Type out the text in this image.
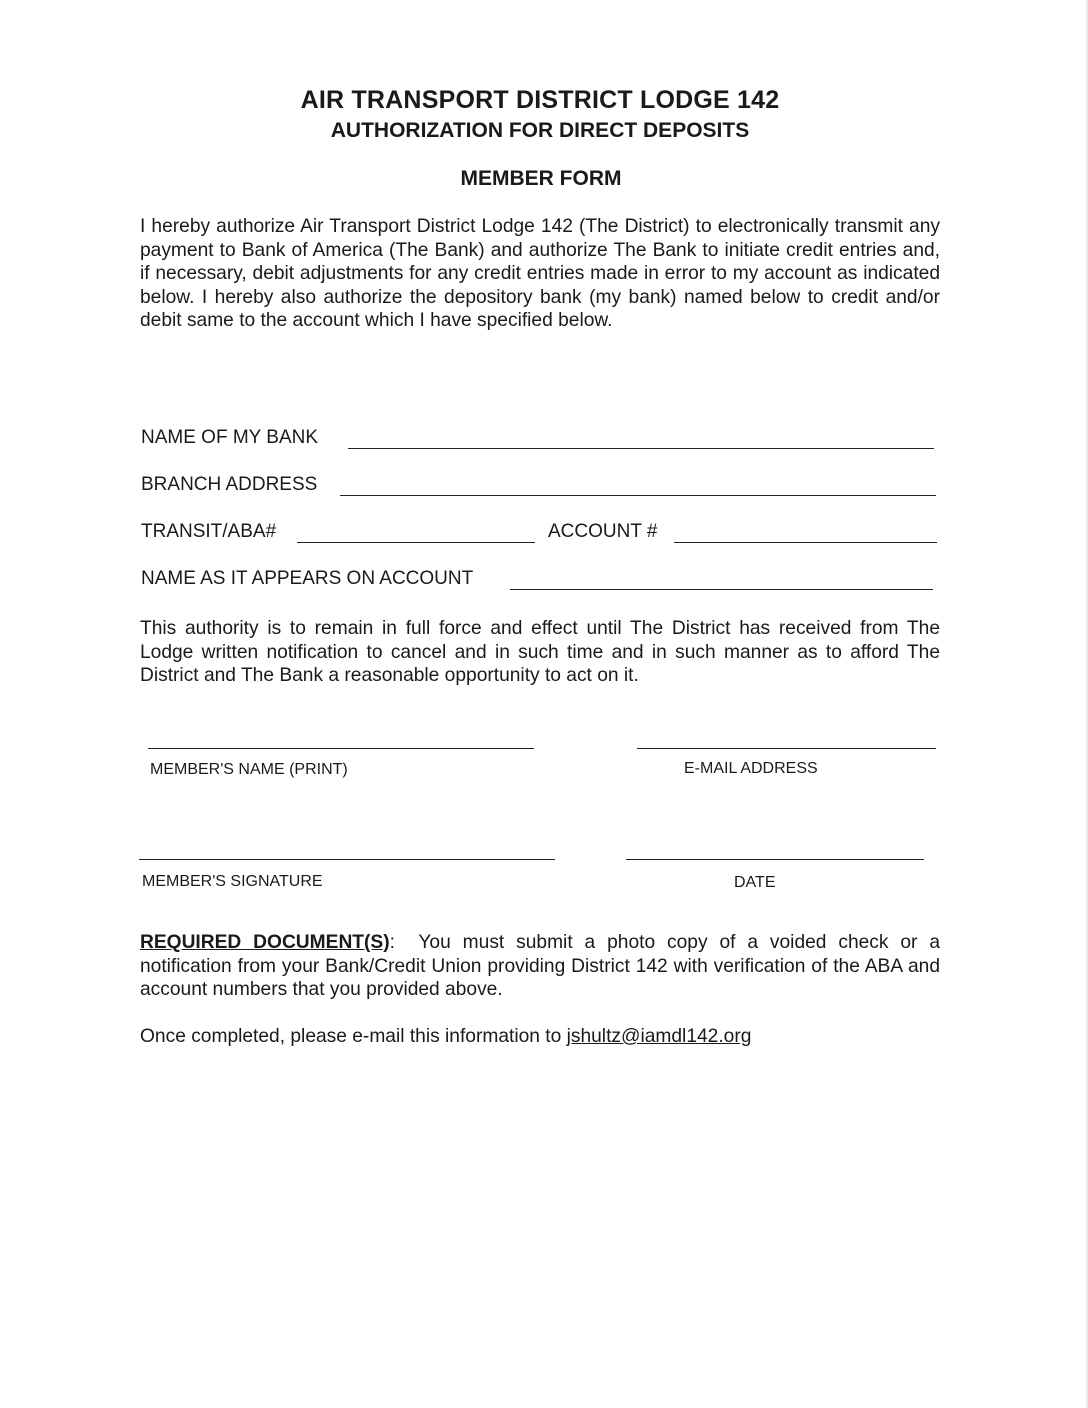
AIR TRANSPORT DISTRICT LODGE 142
AUTHORIZATION FOR DIRECT DEPOSITS
MEMBER FORM

I hereby authorize Air Transport District Lodge 142 (The District) to electronically transmit any payment to Bank of America (The Bank) and authorize The Bank to initiate credit entries and, if necessary, debit adjustments for any credit entries made in error to my account as indicated below. I hereby also authorize the depository bank (my bank) named below to credit and/or debit same to the account which I have specified below.

NAME OF MY BANK
BRANCH ADDRESS
TRANSIT/ABA#	ACCOUNT #
NAME AS IT APPEARS ON ACCOUNT

This authority is to remain in full force and effect until The District has received from The Lodge written notification to cancel and in such time and in such manner as to afford The District and The Bank a reasonable opportunity to act on it.

MEMBER'S NAME (PRINT)	E-MAIL ADDRESS
MEMBER'S SIGNATURE	DATE

REQUIRED DOCUMENT(S):  You must submit a photo copy of a voided check or a notification from your Bank/Credit Union providing District 142 with verification of the ABA and account numbers that you provided above.

Once completed, please e-mail this information to jshultz@iamdl142.org
